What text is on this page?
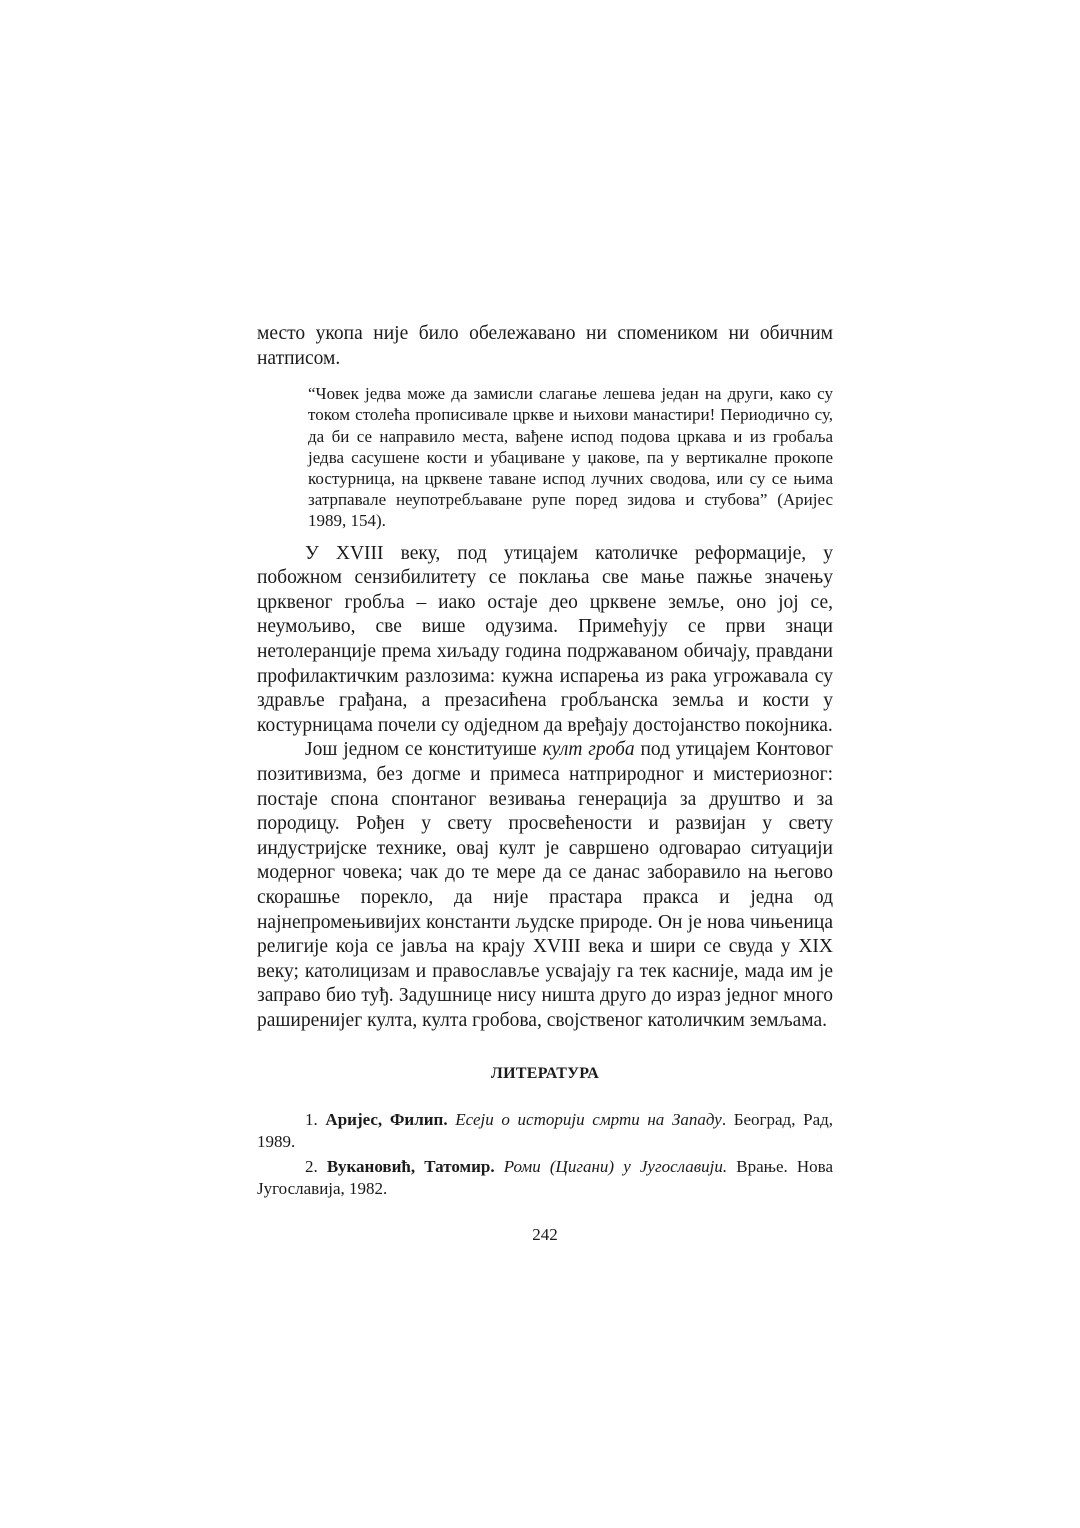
место укопа није било обележавано ни спомеником ни обичним натписом.

“Човек једва може да замисли слагање лешева један на други, како су током столећа прописивале цркве и њихови манастири! Периодично су, да би се направило места, вађене испод подова цркава и из гробаља једва сасушене кости и убациване у џакове, па у вертикалне прокопе костурница, на црквене таване испод лучних сводова, или су се њима затрпавале неупотребљаване рупе поред зидова и стубова” (Аријес 1989, 154).

У XVIII веку, под утицајем католичке реформације, у побожном сензибилитету се поклања све мање пажње значењу црквеног гробља – иако остаје део црквене земље, оно јој се, неумољиво, све више одузима. Примећују се први знаци нетолеранције према хиљаду година подржаваном обичају, правдани профилактичким разлозима: кужна испарења из рака угрожавала су здравље грађана, а презасићена гробљанска земља и кости у костурницама почели су одједном да вређају достојанство покојника.

Још једном се конституише култ гроба под утицајем Контовог позитивизма, без догме и примеса натприродног и мистериозног: постаје спона спонтаног везивања генерација за друштво и за породицу. Рођен у свету просвећености и развијан у свету индустријске технике, овај култ је савршено одговарао ситуацији модерног човека; чак до те мере да се данас заборавило на његово скорашње порекло, да није прастара пракса и једна од најнепромењивијих константи људске природе. Он је нова чињеница религије која се јавља на крају XVIII века и шири се свуда у XIX веку; католицизам и православље усвајају га тек касније, мада им је заправо био туђ. Задушнице нису ништа друго до израз једног много раширенијег култа, култа гробова, својственог католичким земљама.

ЛИТЕРАТУРА

1. Аријес, Филип. Есеји о историји смрти на Западу. Београд, Рад, 1989.

2. Вукановић, Татомир. Роми (Цигани) у Југославији. Врање. Нова Југославија, 1982.

242
